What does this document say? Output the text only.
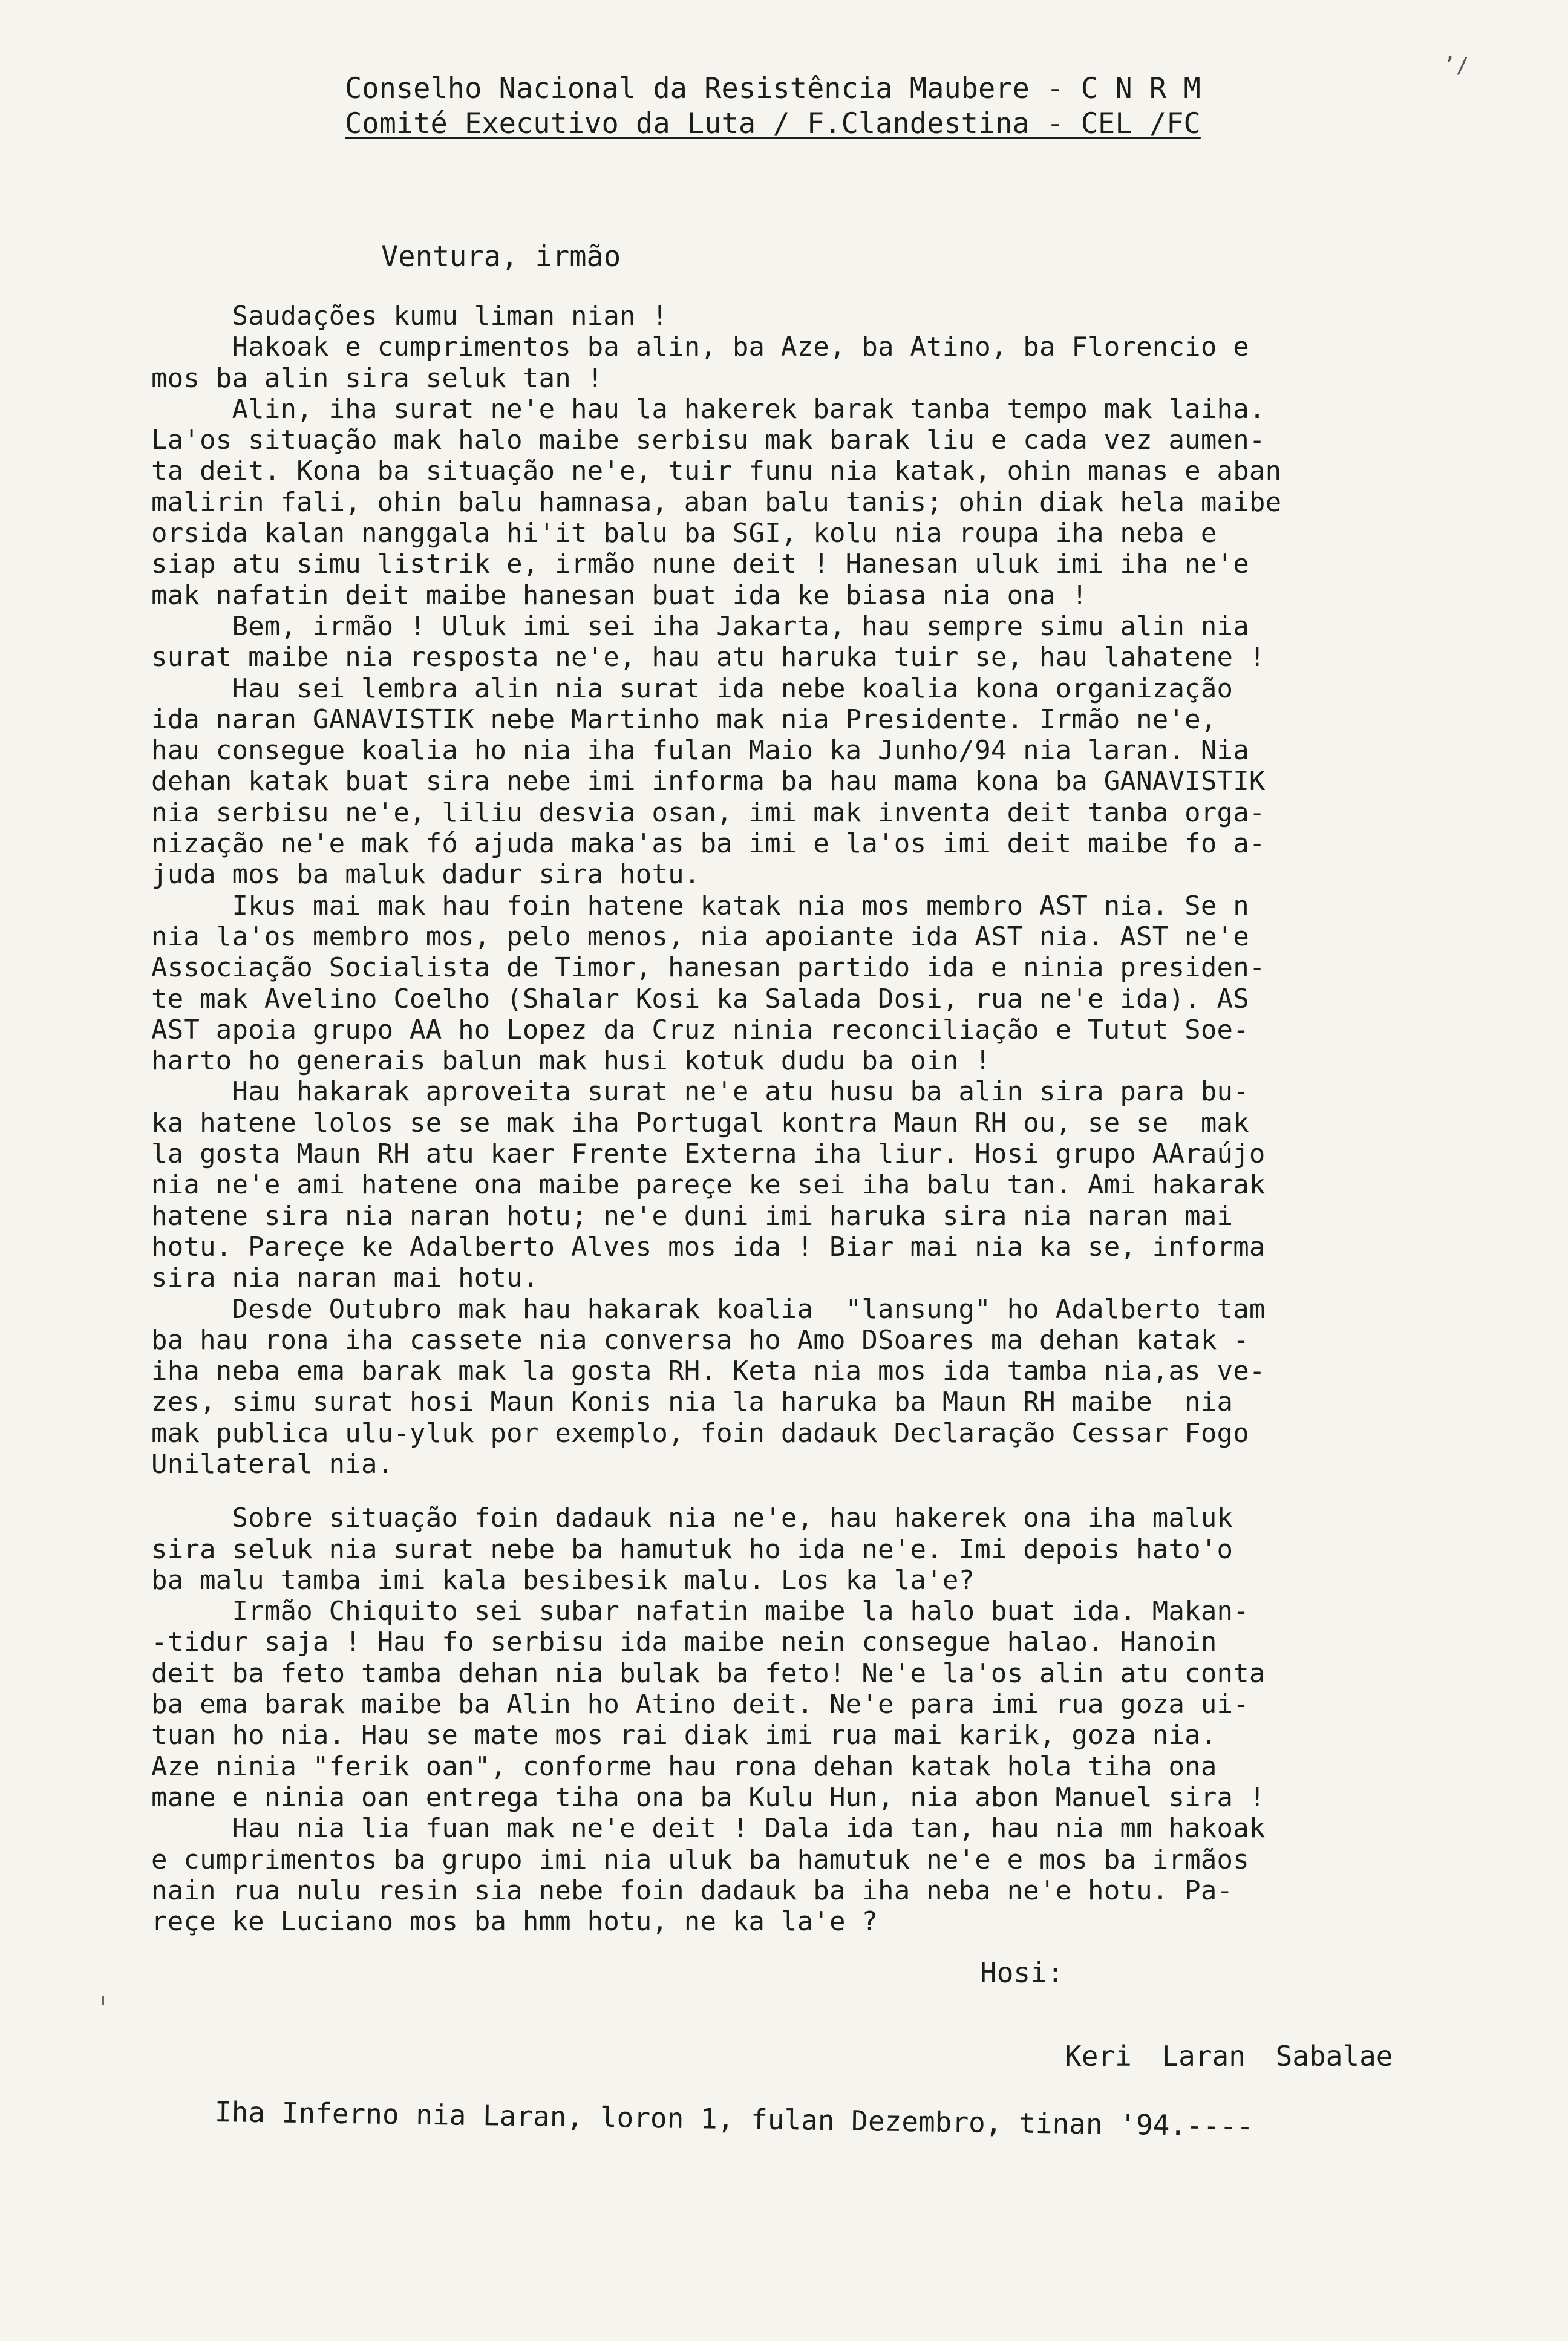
ʼ/
Conselho Nacional da Resistência Maubere - C N R M
Comité Executivo da Luta / F.Clandestina - CEL /FC
Ventura, irmão
Saudações kumu liman nian !
Hakoak e cumprimentos ba alin, ba Aze, ba Atino, ba Florencio e
mos ba alin sira seluk tan !
Alin, iha surat ne'e hau la hakerek barak tanba tempo mak laiha.
La'os situação mak halo maibe serbisu mak barak liu e cada vez aumen-
ta deit. Kona ba situação ne'e, tuir funu nia katak, ohin manas e aban
malirin fali, ohin balu hamnasa, aban balu tanis; ohin diak hela maibe
orsida kalan nanggala hi'it balu ba SGI, kolu nia roupa iha neba e
siap atu simu listrik e, irmão nune deit ! Hanesan uluk imi iha ne'e
mak nafatin deit maibe hanesan buat ida ke biasa nia ona !
Bem, irmão ! Uluk imi sei iha Jakarta, hau sempre simu alin nia
surat maibe nia resposta ne'e, hau atu haruka tuir se, hau lahatene !
Hau sei lembra alin nia surat ida nebe koalia kona organização
ida naran GANAVISTIK nebe Martinho mak nia Presidente. Irmão ne'e,
hau consegue koalia ho nia iha fulan Maio ka Junho/94 nia laran. Nia
dehan katak buat sira nebe imi informa ba hau mama kona ba GANAVISTIK
nia serbisu ne'e, liliu desvia osan, imi mak inventa deit tanba orga-
nização ne'e mak fó ajuda maka'as ba imi e la'os imi deit maibe fo a-
juda mos ba maluk dadur sira hotu.
Ikus mai mak hau foin hatene katak nia mos membro AST nia. Se n
nia la'os membro mos, pelo menos, nia apoiante ida AST nia. AST ne'e
Associação Socialista de Timor, hanesan partido ida e ninia presiden-
te mak Avelino Coelho (Shalar Kosi ka Salada Dosi, rua ne'e ida). AS
AST apoia grupo AA ho Lopez da Cruz ninia reconciliação e Tutut Soe-
harto ho generais balun mak husi kotuk dudu ba oin !
Hau hakarak aproveita surat ne'e atu husu ba alin sira para bu-
ka hatene lolos se se mak iha Portugal kontra Maun RH ou, se se  mak
la gosta Maun RH atu kaer Frente Externa iha liur. Hosi grupo AAraújo
nia ne'e ami hatene ona maibe pareçe ke sei iha balu tan. Ami hakarak
hatene sira nia naran hotu; ne'e duni imi haruka sira nia naran mai
hotu. Pareçe ke Adalberto Alves mos ida ! Biar mai nia ka se, informa
sira nia naran mai hotu.
Desde Outubro mak hau hakarak koalia  "lansung" ho Adalberto tam
ba hau rona iha cassete nia conversa ho Amo DSoares ma dehan katak -
iha neba ema barak mak la gosta RH. Keta nia mos ida tamba nia,as ve-
zes, simu surat hosi Maun Konis nia la haruka ba Maun RH maibe  nia
mak publica ulu-yluk por exemplo, foin dadauk Declaração Cessar Fogo
Unilateral nia.
Sobre situação foin dadauk nia ne'e, hau hakerek ona iha maluk
sira seluk nia surat nebe ba hamutuk ho ida ne'e. Imi depois hato'o
ba malu tamba imi kala besibesik malu. Los ka la'e?
Irmão Chiquito sei subar nafatin maibe la halo buat ida. Makan-
-tidur saja ! Hau fo serbisu ida maibe nein consegue halao. Hanoin
deit ba feto tamba dehan nia bulak ba feto! Ne'e la'os alin atu conta
ba ema barak maibe ba Alin ho Atino deit. Ne'e para imi rua goza ui-
tuan ho nia. Hau se mate mos rai diak imi rua mai karik, goza nia.
Aze ninia "ferik oan", conforme hau rona dehan katak hola tiha ona
mane e ninia oan entrega tiha ona ba Kulu Hun, nia abon Manuel sira !
Hau nia lia fuan mak ne'e deit ! Dala ida tan, hau nia mm hakoak
e cumprimentos ba grupo imi nia uluk ba hamutuk ne'e e mos ba irmãos
nain rua nulu resin sia nebe foin dadauk ba iha neba ne'e hotu. Pa-
reçe ke Luciano mos ba hmm hotu, ne ka la'e ?
Hosi:
Keri Laran Sabalae
Iha Inferno nia Laran, loron 1, fulan Dezembro, tinan '94.----
